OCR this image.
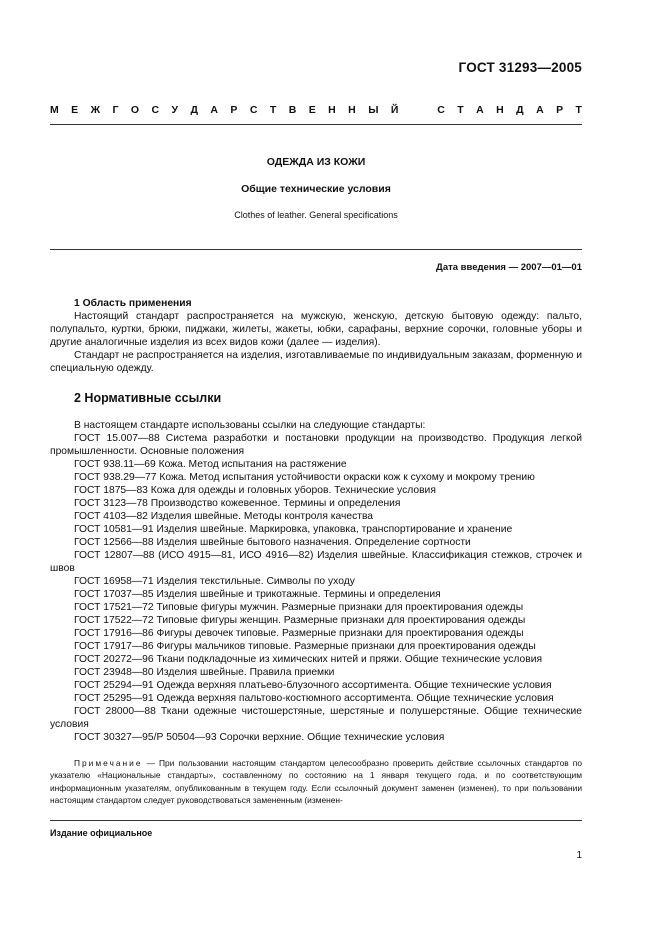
ГОСТ 31293—2005
М Е Ж Г О С У Д А Р С Т В Е Н Н Ы Й	С Т А Н Д А Р Т
ОДЕЖДА ИЗ КОЖИ
Общие технические условия
Clothes of leather. General specifications
Дата введения — 2007—01—01

1 Область применения

Настоящий стандарт распространяется на мужскую, женскую, детскую бытовую одежду: пальто, полупальто, куртки, брюки, пиджаки, жилеты, жакеты, юбки, сарафаны, верхние сорочки, головные уборы и другие аналогичные изделия из всех видов кожи (далее — изделия).

Стандарт не распространяется на изделия, изготавливаемые по индивидуальным заказам, форменную и специальную одежду.

2 Нормативные ссылки

В настоящем стандарте использованы ссылки на следующие стандарты:

ГОСТ 15.007—88 Система разработки и постановки продукции на производство. Продукция легкой промышленности. Основные положения

ГОСТ 938.11—69 Кожа. Метод испытания на растяжение

ГОСТ 938.29—77 Кожа. Метод испытания устойчивости окраски кож к сухому и мокрому трению

ГОСТ 1875—83 Кожа для одежды и головных уборов. Технические условия

ГОСТ 3123—78 Производство кожевенное. Термины и определения

ГОСТ 4103—82 Изделия швейные. Методы контроля качества

ГОСТ 10581—91 Изделия швейные. Маркировка, упаковка, транспортирование и хранение

ГОСТ 12566—88 Изделия швейные бытового назначения. Определение сортности

ГОСТ 12807—88 (ИСО 4915—81, ИСО 4916—82) Изделия швейные. Классификация стежков, строчек и швов

ГОСТ 16958—71 Изделия текстильные. Символы по уходу

ГОСТ 17037—85 Изделия швейные и трикотажные. Термины и определения

ГОСТ 17521—72 Типовые фигуры мужчин. Размерные признаки для проектирования одежды

ГОСТ 17522—72 Типовые фигуры женщин. Размерные признаки для проектирования одежды

ГОСТ 17916—86 Фигуры девочек типовые. Размерные признаки для проектирования одежды

ГОСТ 17917—86 Фигуры мальчиков типовые. Размерные признаки для проектирования одежды

ГОСТ 20272—96 Ткани подкладочные из химических нитей и пряжи. Общие технические условия

ГОСТ 23948—80 Изделия швейные. Правила приемки

ГОСТ 25294—91 Одежда верхняя платьево-блузочного ассортимента. Общие технические условия

ГОСТ 25295—91 Одежда верхняя пальтово-костюмного ассортимента. Общие технические условия

ГОСТ 28000—88 Ткани одежные чистошерстяные, шерстяные и полушерстяные. Общие технические условия

ГОСТ 30327—95/Р 50504—93 Сорочки верхние. Общие технические условия

Примечание — При пользовании настоящим стандартом целесообразно проверить действие ссылочных стандартов по указателю «Национальные стандарты», составленному по состоянию на 1 января текущего года, и по соответствующим информационным указателям, опубликованным в текущем году. Если ссылочный документ заменен (изменен), то при пользовании настоящим стандартом следует руководствоваться замененным (изменен-

Издание официальное
1
